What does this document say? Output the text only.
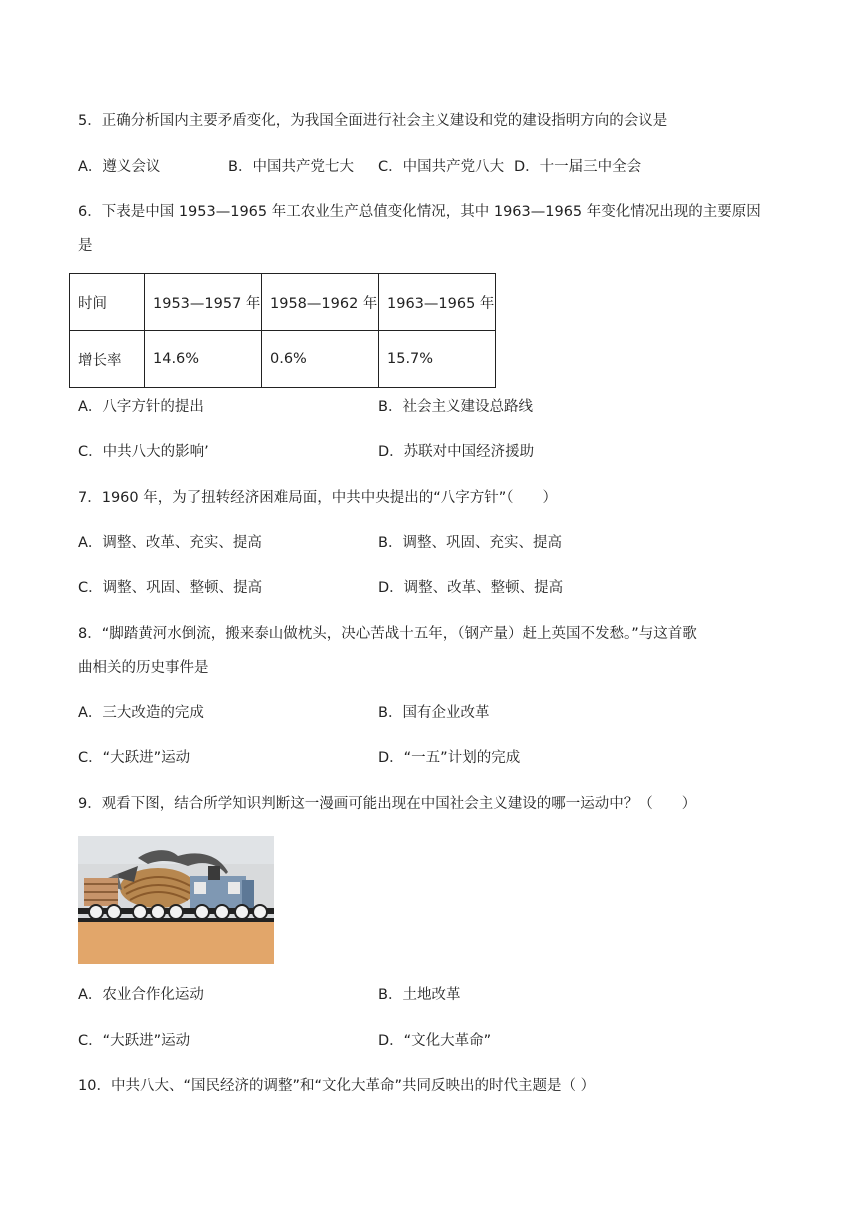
5．正确分析国内主要矛盾变化，为我国全面进行社会主义建设和党的建设指明方向的会议是
A．遵义会议	B．中国共产党七大 C．中国共产党八大 D．十一届三中全会
6．下表是中国 1953—1965 年工农业生产总值变化情况，其中 1963—1965 年变化情况出现的主要原因
是
时间	1953—1957 年	1958—1962 年	1963—1965 年
增长率	14.6%	0.6%	15.7%
A．八字方针的提出	B．社会主义建设总路线
C．中共八大的影响’	D．苏联对中国经济援助
7．1960 年，为了扭转经济困难局面，中共中央提出的“八字方针”（　　）
A．调整、改革、充实、提高	B．调整、巩固、充实、提高
C．调整、巩固、整顿、提高	D．调整、改革、整顿、提高
8．“脚踏黄河水倒流，搬来泰山做枕头，决心苦战十五年，（钢产量）赶上英国不发愁。”与这首歌
曲相关的历史事件是
A．三大改造的完成	B．国有企业改革
C．“大跃进”运动	D．“一五”计划的完成
9．观看下图，结合所学知识判断这一漫画可能出现在中国社会主义建设的哪一运动中？（　　）
A．农业合作化运动	B．土地改革
C．“大跃进”运动	D．“文化大革命”
10．中共八大、“国民经济的调整”和“文化大革命”共同反映出的时代主题是（ ）
